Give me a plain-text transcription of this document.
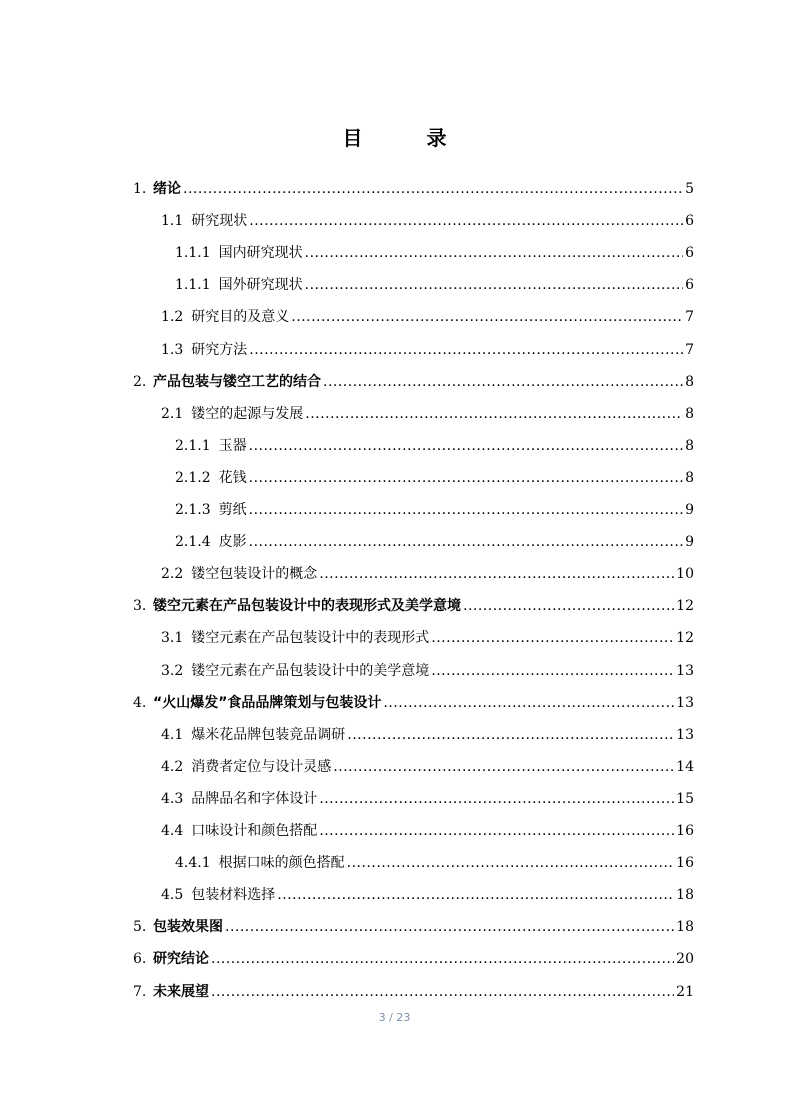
目　录
1. 绪论 .....	5
1.1 研究现状 .....	6
1.1.1 国内研究现状 .....	6
1.1.1 国外研究现状 .....	6
1.2 研究目的及意义 .....	7
1.3 研究方法 .....	7
2. 产品包装与镂空工艺的结合 .....	8
2.1 镂空的起源与发展 .....	8
2.1.1 玉器 .....	8
2.1.2 花钱 .....	8
2.1.3 剪纸 .....	9
2.1.4 皮影 .....	9
2.2 镂空包装设计的概念 .....	10
3. 镂空元素在产品包装设计中的表现形式及美学意境 .....	12
3.1 镂空元素在产品包装设计中的表现形式 .....	12
3.2 镂空元素在产品包装设计中的美学意境 .....	13
4. “火山爆发”食品品牌策划与包装设计 .....	13
4.1 爆米花品牌包装竞品调研 .....	13
4.2 消费者定位与设计灵感 .....	14
4.3 品牌品名和字体设计 .....	15
4.4 口味设计和颜色搭配 .....	16
4.4.1 根据口味的颜色搭配 .....	16
4.5 包装材料选择 .....	18
5. 包装效果图 .....	18
6. 研究结论 .....	20
7. 未来展望 .....	21
3 / 23
